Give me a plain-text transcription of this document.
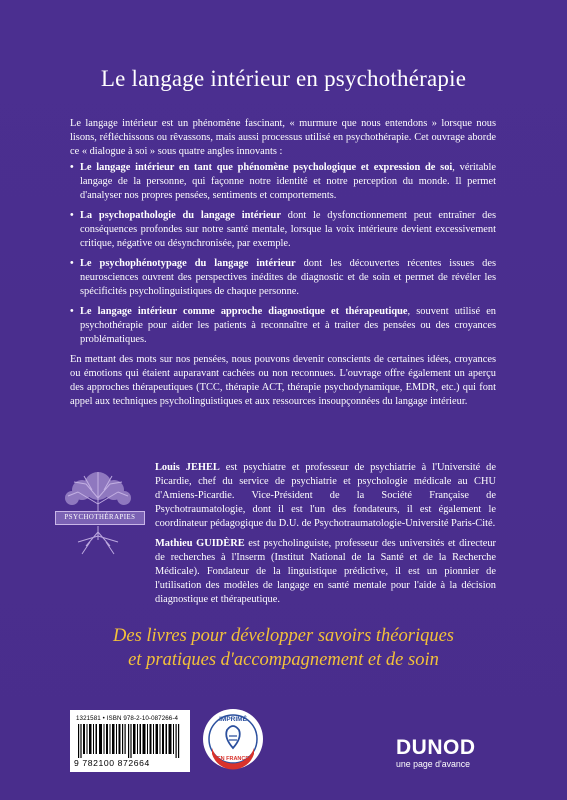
Le langage intérieur en psychothérapie

Le langage intérieur est un phénomène fascinant, « murmure que nous entendons » lorsque nous lisons, réfléchissons ou rêvassons, mais aussi processus utilisé en psychothérapie. Cet ouvrage aborde ce « dialogue à soi » sous quatre angles innovants :

• Le langage intérieur en tant que phénomène psychologique et expression de soi, véritable langage de la personne, qui façonne notre identité et notre perception du monde. Il permet d'analyser nos propres pensées, sentiments et comportements.
• La psychopathologie du langage intérieur dont le dysfonctionnement peut entraîner des conséquences profondes sur notre santé mentale, lorsque la voix intérieure devient excessivement critique, négative ou désynchronisée, par exemple.
• Le psychophénotypage du langage intérieur dont les découvertes récentes issues des neurosciences ouvrent des perspectives inédites de diagnostic et de soin et permet de révéler les spécificités psycholinguistiques de chaque personne.
• Le langage intérieur comme approche diagnostique et thérapeutique, souvent utilisé en psychothérapie pour aider les patients à reconnaître et à traiter des pensées ou des croyances problématiques.

En mettant des mots sur nos pensées, nous pouvons devenir conscients de certaines idées, croyances ou émotions qui étaient auparavant cachées ou non reconnues. L'ouvrage offre également un aperçu des approches thérapeutiques (TCC, thérapie ACT, thérapie psychodynamique, EMDR, etc.) qui font appel aux techniques psycholinguistiques et aux ressources insoupçonnées du langage intérieur.

PSYCHOTHÉRAPIES

Louis JEHEL est psychiatre et professeur de psychiatrie à l'Université de Picardie, chef du service de psychiatrie et psychologie médicale au CHU d'Amiens-Picardie. Vice-Président de la Société Française de Psychotraumatologie, dont il est l'un des fondateurs, il est également le coordinateur pédagogique du D.U. de Psychotraumatologie-Université Paris-Cité.

Mathieu GUIDÈRE est psycholinguiste, professeur des universités et directeur de recherches à l'Inserm (Institut National de la Santé et de la Recherche Médicale). Fondateur de la linguistique prédictive, il est un pionnier de l'utilisation des modèles de langage en santé mentale pour l'aide à la décision diagnostique et thérapeutique.

Des livres pour développer savoirs théoriques
et pratiques d'accompagnement et de soin
1321581 • ISBN 978-2-10-087266-4
9 782100 872664
IMPRIMÉ
EN FRANCE	DUNOD
une page d'avance
